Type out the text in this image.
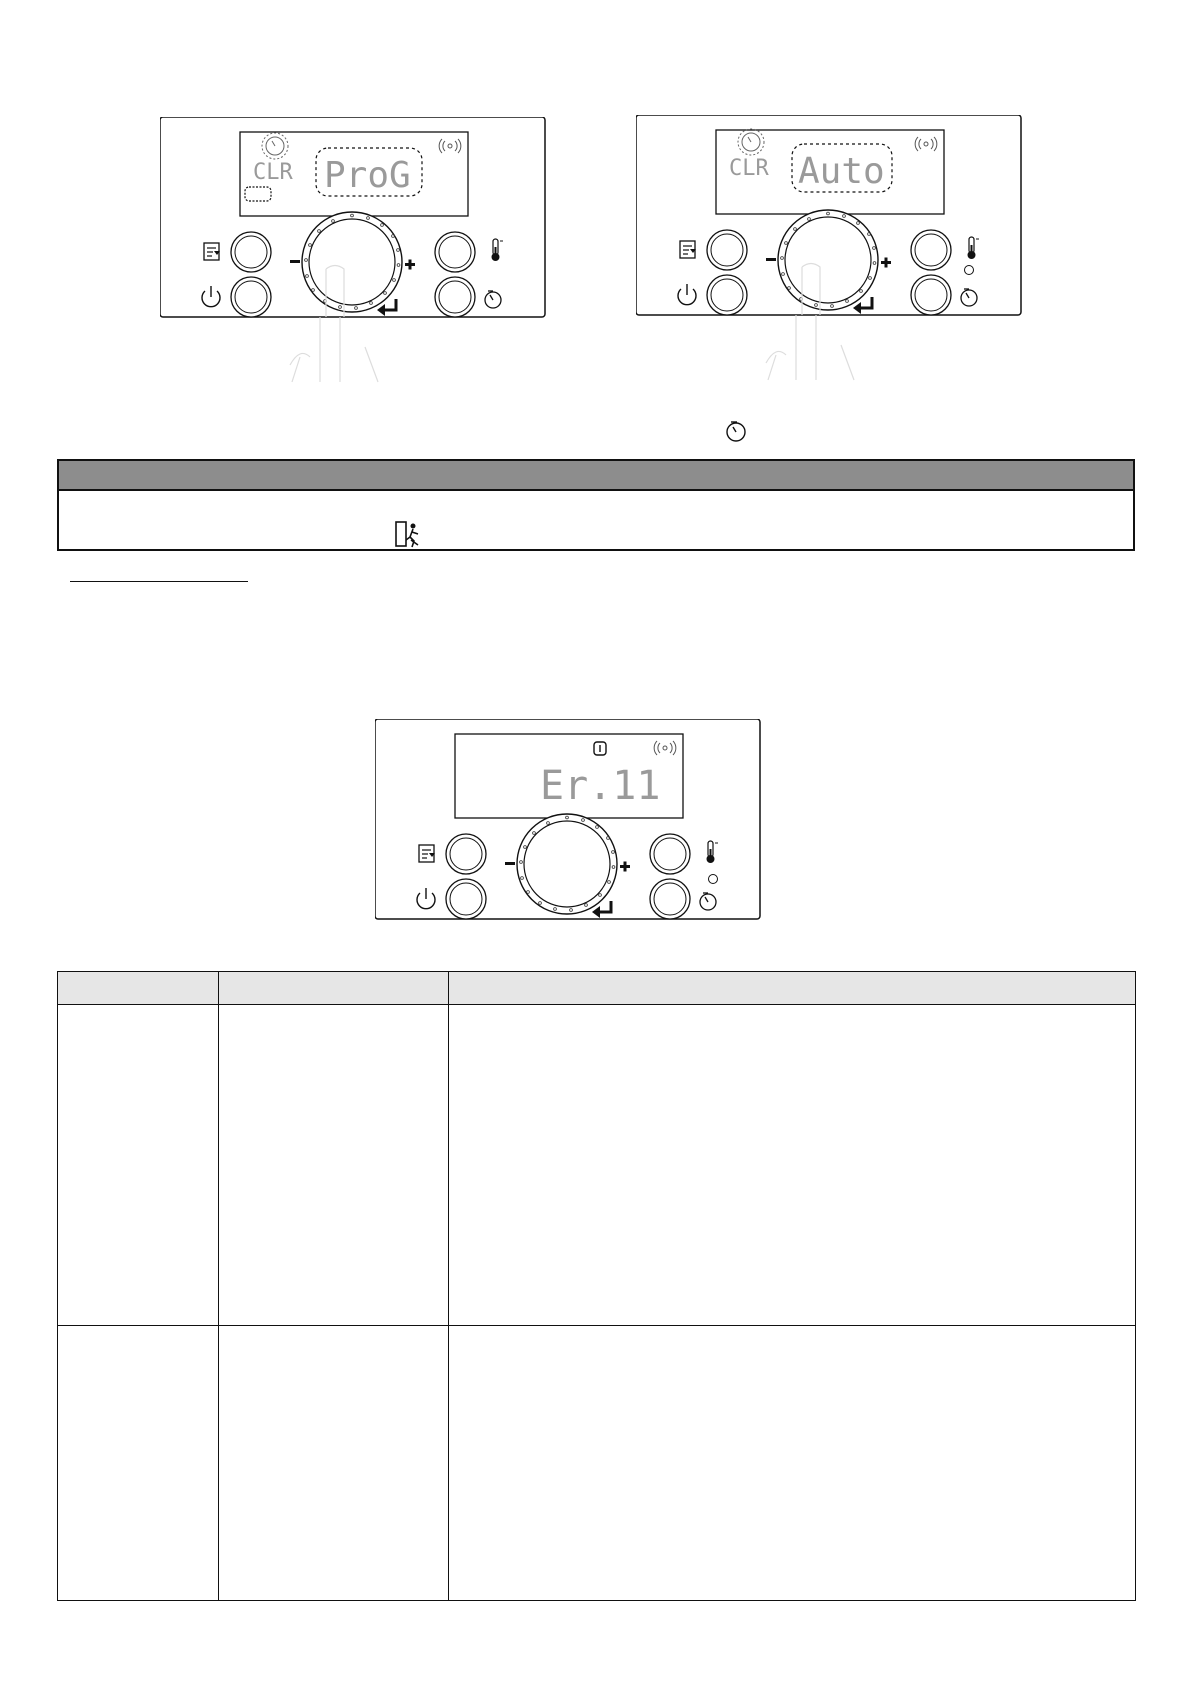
CLR ProG	CLR Auto
Er.11
